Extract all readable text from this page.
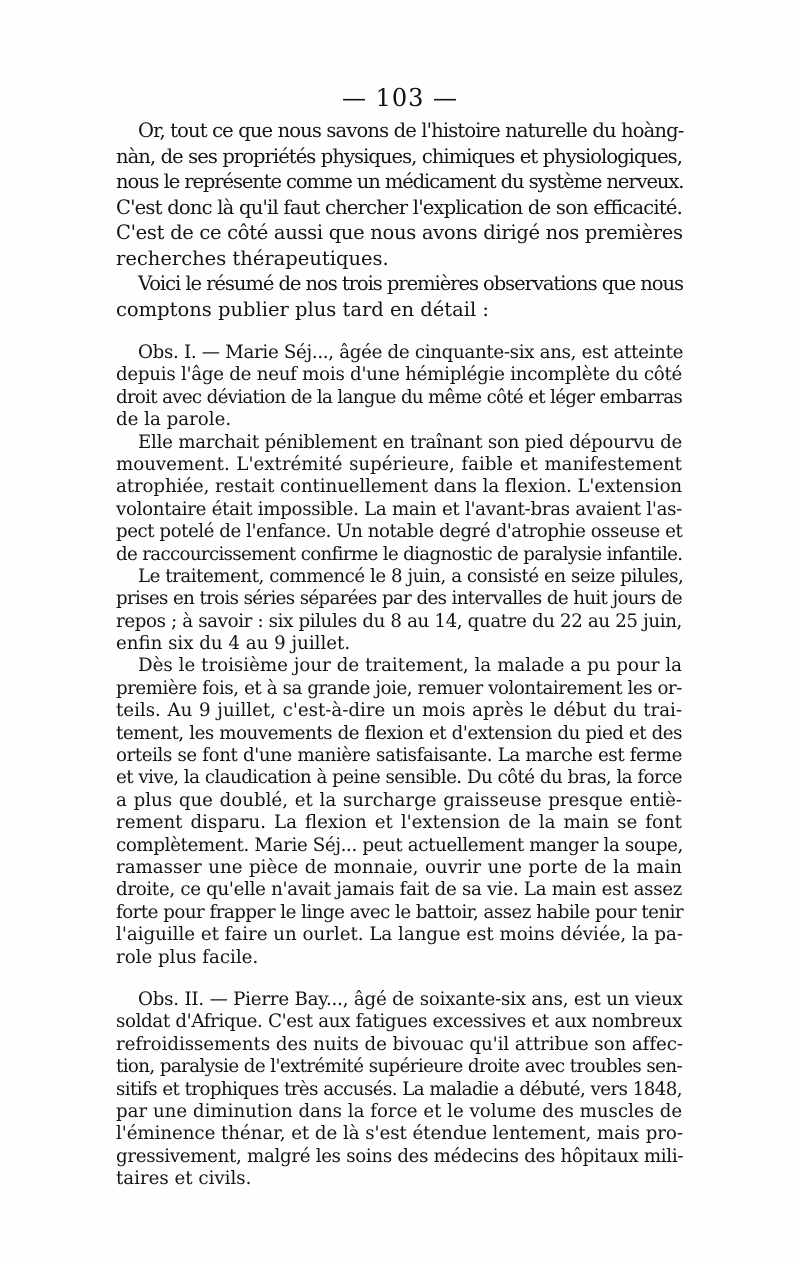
— 103 —
Or, tout ce que nous savons de l'histoire naturelle du hoàng-
nàn, de ses propriétés physiques, chimiques et physiologiques,
nous le représente comme un médicament du système nerveux.
C'est donc là qu'il faut chercher l'explication de son efficacité.
C'est de ce côté aussi que nous avons dirigé nos premières
recherches thérapeutiques.
Voici le résumé de nos trois premières observations que nous
comptons publier plus tard en détail :
Obs. I. — Marie Séj..., âgée de cinquante-six ans, est atteinte
depuis l'âge de neuf mois d'une hémiplégie incomplète du côté
droit avec déviation de la langue du même côté et léger embarras
de la parole.
Elle marchait péniblement en traînant son pied dépourvu de
mouvement. L'extrémité supérieure, faible et manifestement
atrophiée, restait continuellement dans la flexion. L'extension
volontaire était impossible. La main et l'avant-bras avaient l'as-
pect potelé de l'enfance. Un notable degré d'atrophie osseuse et
de raccourcissement confirme le diagnostic de paralysie infantile.
Le traitement, commencé le 8 juin, a consisté en seize pilules,
prises en trois séries séparées par des intervalles de huit jours de
repos ; à savoir : six pilules du 8 au 14, quatre du 22 au 25 juin,
enfin six du 4 au 9 juillet.
Dès le troisième jour de traitement, la malade a pu pour la
première fois, et à sa grande joie, remuer volontairement les or-
teils. Au 9 juillet, c'est-à-dire un mois après le début du trai-
tement, les mouvements de flexion et d'extension du pied et des
orteils se font d'une manière satisfaisante. La marche est ferme
et vive, la claudication à peine sensible. Du côté du bras, la force
a plus que doublé, et la surcharge graisseuse presque entiè-
rement disparu. La flexion et l'extension de la main se font
complètement. Marie Séj... peut actuellement manger la soupe,
ramasser une pièce de monnaie, ouvrir une porte de la main
droite, ce qu'elle n'avait jamais fait de sa vie. La main est assez
forte pour frapper le linge avec le battoir, assez habile pour tenir
l'aiguille et faire un ourlet. La langue est moins déviée, la pa-
role plus facile.
Obs. II. — Pierre Bay..., âgé de soixante-six ans, est un vieux
soldat d'Afrique. C'est aux fatigues excessives et aux nombreux
refroidissements des nuits de bivouac qu'il attribue son affec-
tion, paralysie de l'extrémité supérieure droite avec troubles sen-
sitifs et trophiques très accusés. La maladie a débuté, vers 1848,
par une diminution dans la force et le volume des muscles de
l'éminence thénar, et de là s'est étendue lentement, mais pro-
gressivement, malgré les soins des médecins des hôpitaux mili-
taires et civils.
